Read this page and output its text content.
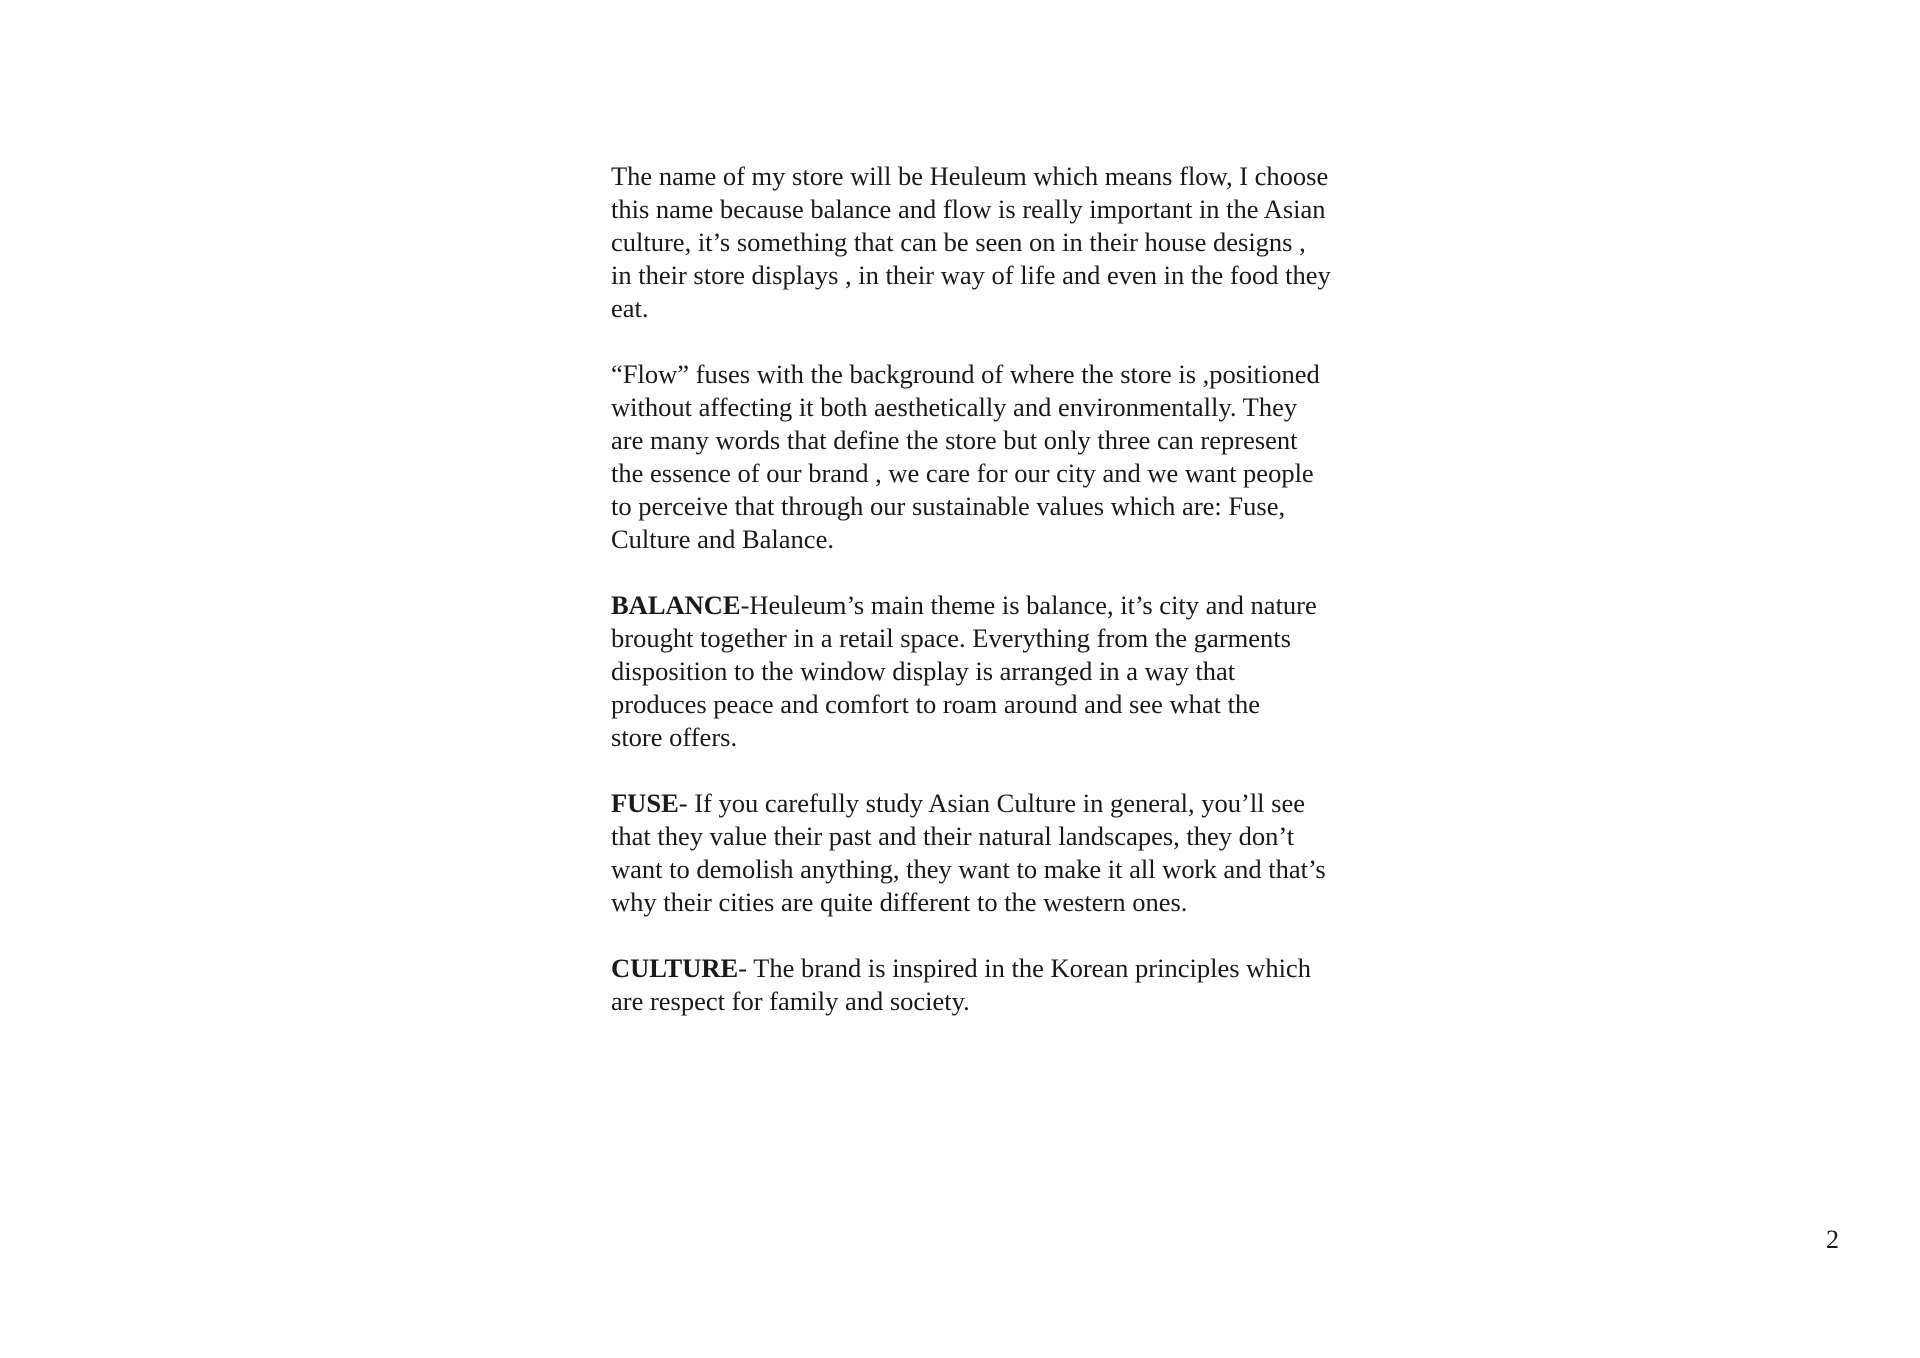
The name of my store will be Heuleum which means flow, I choose
this name because balance and flow is really important in the Asian
culture, it’s something that can be seen on in their house designs ,
in their store displays , in their way of life and even in the food they
eat.

“Flow” fuses with the background of where the store is ,positioned
without affecting it both aesthetically and environmentally. They
are many words that define the store but only three can represent
the essence of our brand , we care for our city and we want people
to perceive that through our sustainable values which are: Fuse,
Culture and Balance.

BALANCE-Heuleum’s main theme is balance, it’s city and nature
brought together in a retail space. Everything from the garments
disposition to the window display is arranged in a way that
produces peace and comfort to roam around and see what the
store offers.

FUSE- If you carefully study Asian Culture in general, you’ll see
that they value their past and their natural landscapes, they don’t
want to demolish anything, they want to make it all work and that’s
why their cities are quite different to the western ones.

CULTURE- The brand is inspired in the Korean principles which
are respect for family and society.

2
